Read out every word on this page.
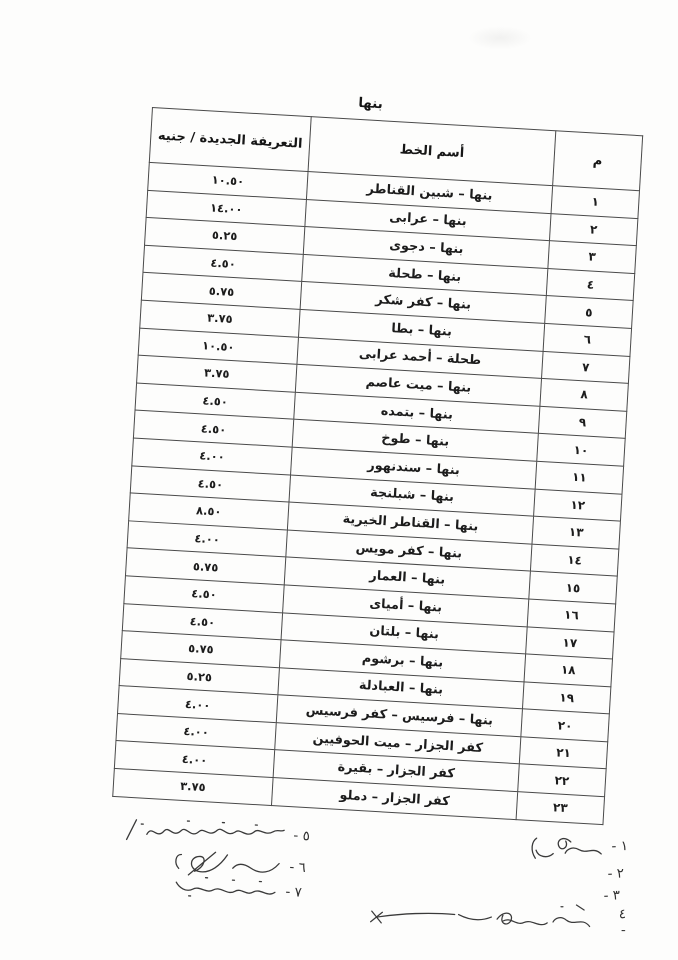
بنها
م	أسم الخط	التعريفة الجديدة / جنيه
١	بنها – شبين القناطر	١٠.٥٠
٢	بنها – عرابى	١٤.٠٠
٣	بنها – دجوى	٥.٢٥
٤	بنها – طحلة	٤.٥٠
٥	بنها – كفر شكر	٥.٧٥
٦	بنها – بطا	٣.٧٥
٧	طحلة – أحمد عرابى	١٠.٥٠
٨	بنها – ميت عاصم	٣.٧٥
٩	بنها – بتمده	٤.٥٠
١٠	بنها – طوخ	٤.٥٠
١١	بنها – سندنهور	٤.٠٠
١٢	بنها – شبلنجة	٤.٥٠
١٣	بنها – القناطر الخيرية	٨.٥٠
١٤	بنها – كفر مويس	٤.٠٠
١٥	بنها – العمار	٥.٧٥
١٦	بنها – أمياى	٤.٥٠
١٧	بنها – بلتان	٤.٥٠
١٨	بنها – برشوم	٥.٧٥
١٩	بنها – العبادلة	٥.٢٥
٢٠	بنها – فرسيس – كفر فرسيس	٤.٠٠
٢١	كفر الجزار – ميت الحوفيين	٤.٠٠
٢٢	كفر الجزار – بقيرة	٤.٠٠
٢٣	كفر الجزار – دملو	٣.٧٥
٥ -
٦ -
٧ -
١ -
٢ -
٣ -
٤ -
